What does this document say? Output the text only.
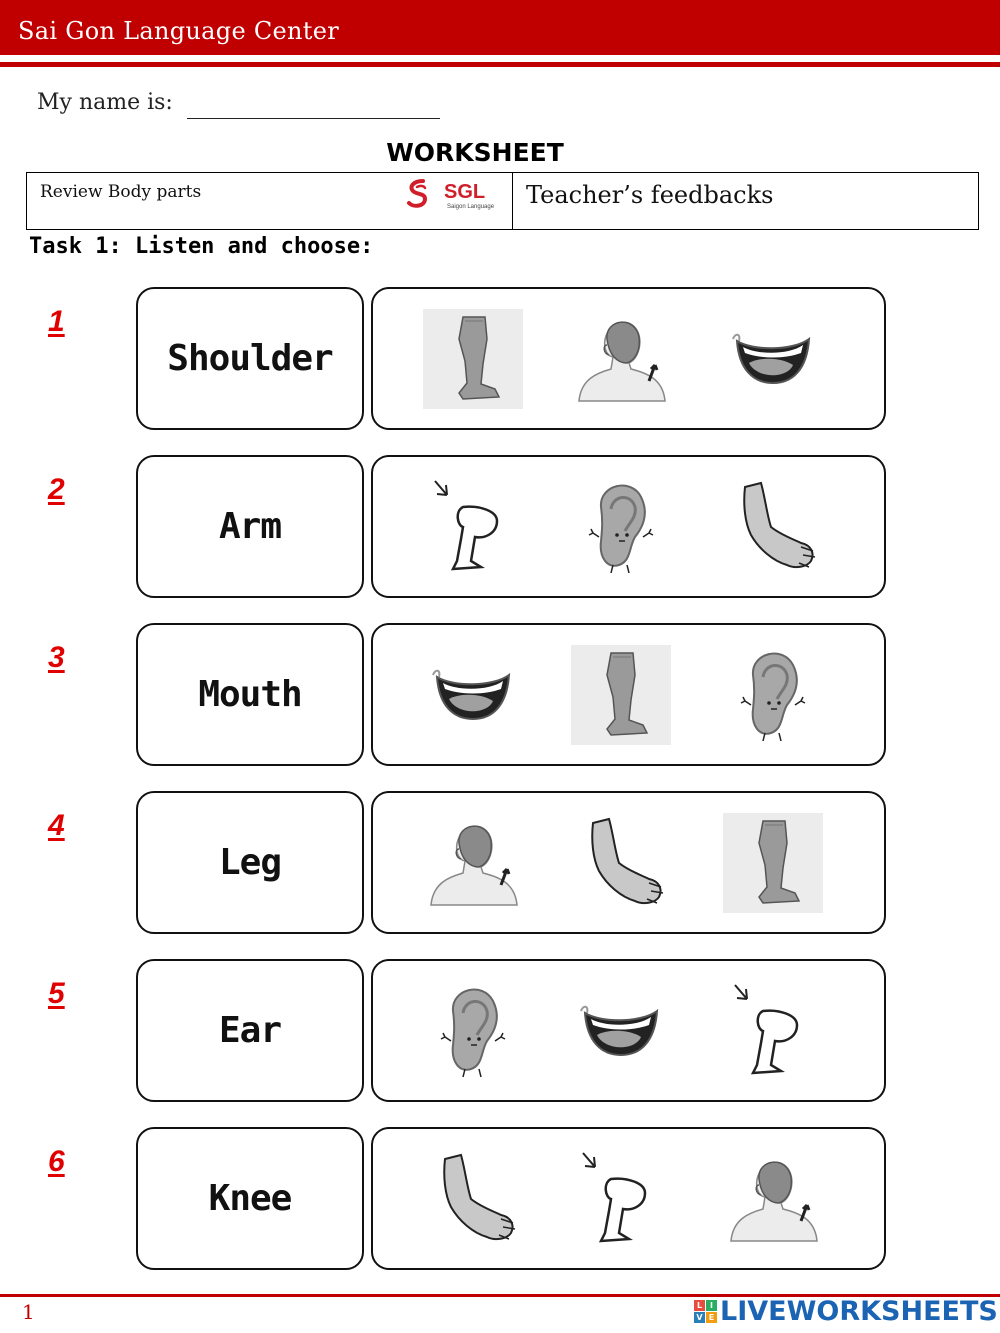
Sai Gon Language Center
My name is:
WORKSHEET
Review Body parts	SGL
Saigon Language Teacher’s feedbacks
Task 1: Listen and choose:
1
Shoulder
2
Arm
3
Mouth
4
Leg
5
Ear
6
Knee
1	L I
V E LIVEWORKSHEETS
